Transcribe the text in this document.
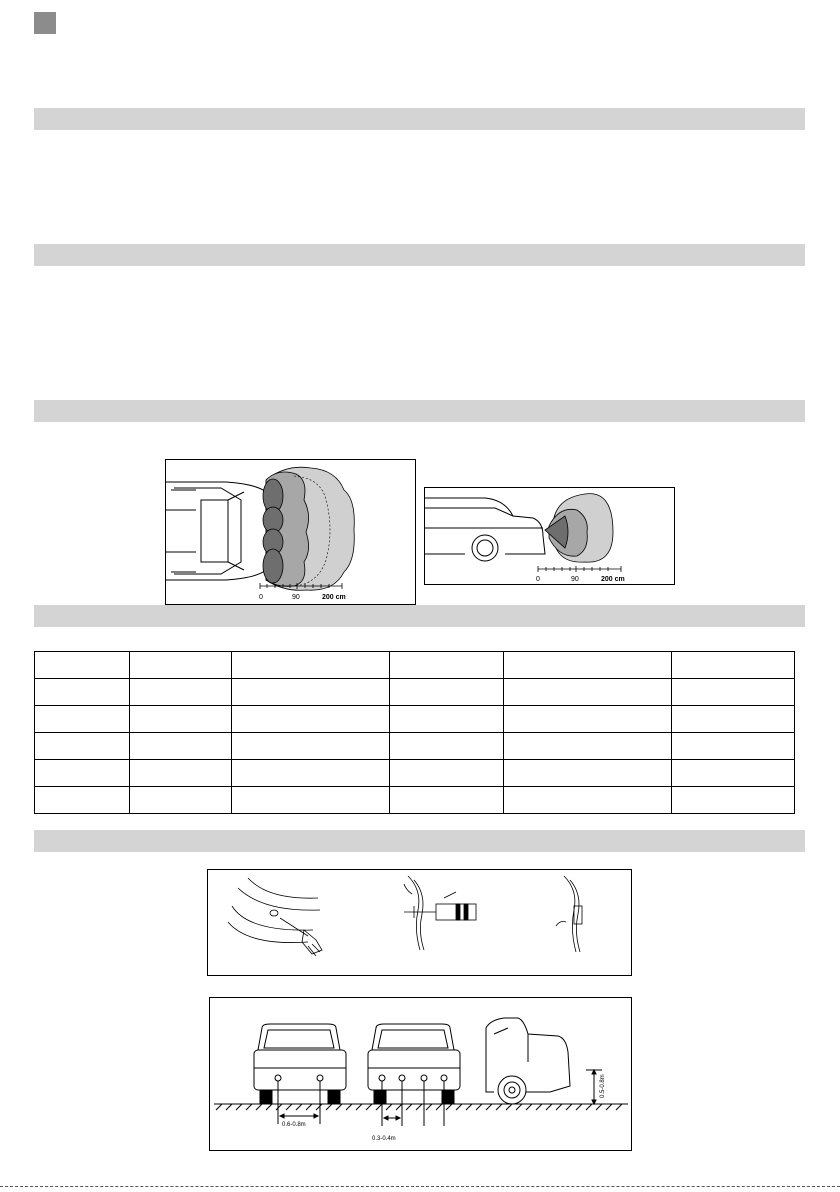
0	90	200 cm
0	90	200 cm

0.6-0.8m
0.3-0.4m
0.5-0.8m
